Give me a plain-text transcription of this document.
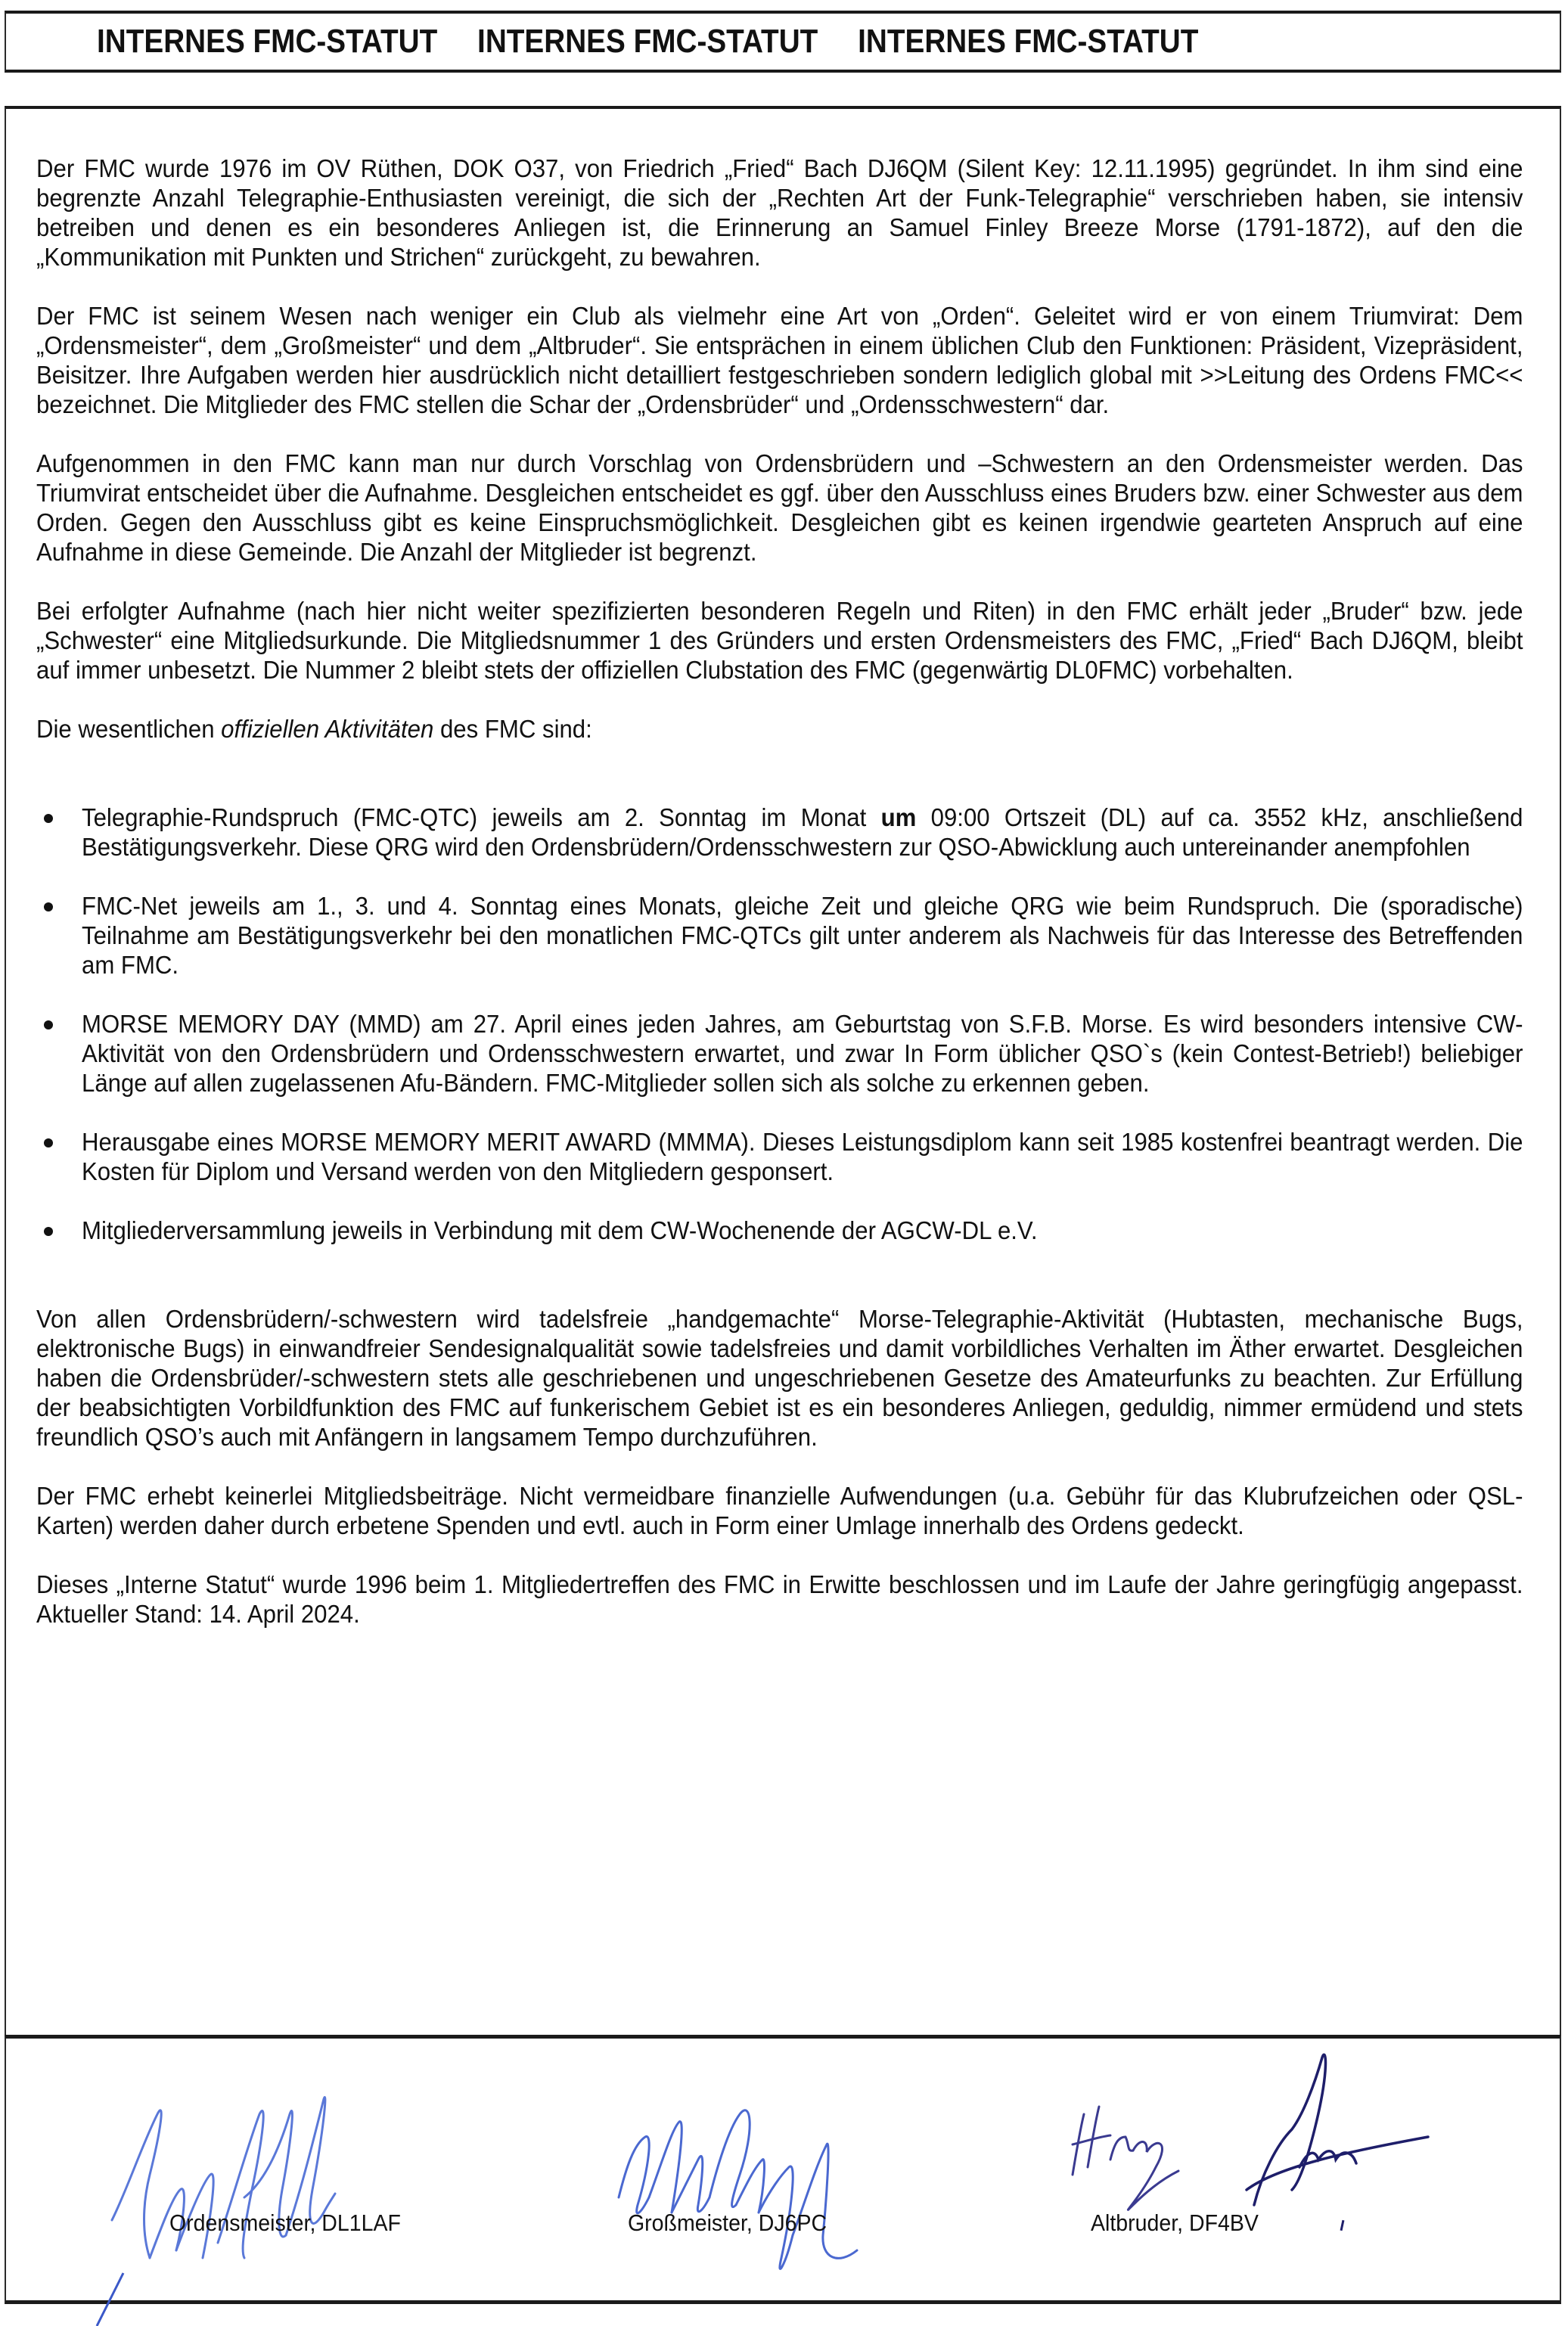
INTERNES FMC-STATUT INTERNES FMC-STATUT INTERNES FMC-STATUT

Der FMC wurde 1976 im OV Rüthen, DOK O37, von Friedrich „Fried“ Bach DJ6QM (Silent Key: 12.11.1995) gegründet. In ihm sind eine begrenzte Anzahl Telegraphie-Enthusiasten vereinigt, die sich der „Rechten Art der Funk-Telegraphie“ verschrieben haben, sie intensiv betreiben und denen es ein besonderes Anliegen ist, die Erinnerung an Samuel Finley Breeze Morse (1791-1872), auf den die „Kommunikation mit Punkten und Strichen“ zurückgeht, zu bewahren.

Der FMC ist seinem Wesen nach weniger ein Club als vielmehr eine Art von „Orden“. Geleitet wird er von einem Triumvirat: Dem „Ordensmeister“, dem „Großmeister“ und dem „Altbruder“. Sie entsprächen in einem üblichen Club den Funktionen: Präsident, Vizepräsident, Beisitzer. Ihre Aufgaben werden hier ausdrücklich nicht detailliert festgeschrieben sondern lediglich global mit >>Leitung des Ordens FMC<< bezeichnet. Die Mitglieder des FMC stellen die Schar der „Ordensbrüder“ und „Ordensschwestern“ dar.

Aufgenommen in den FMC kann man nur durch Vorschlag von Ordensbrüdern und –Schwestern an den Ordensmeister werden. Das Triumvirat entscheidet über die Aufnahme. Desgleichen entscheidet es ggf. über den Ausschluss eines Bruders bzw. einer Schwester aus dem Orden. Gegen den Ausschluss gibt es keine Einspruchsmöglichkeit. Desgleichen gibt es keinen irgendwie gearteten Anspruch auf eine Aufnahme in diese Gemeinde. Die Anzahl der Mitglieder ist begrenzt.

Bei erfolgter Aufnahme (nach hier nicht weiter spezifizierten besonderen Regeln und Riten) in den FMC erhält jeder „Bruder“ bzw. jede „Schwester“ eine Mitgliedsurkunde. Die Mitgliedsnummer 1 des Gründers und ersten Ordensmeisters des FMC, „Fried“ Bach DJ6QM, bleibt auf immer unbesetzt. Die Nummer 2 bleibt stets der offiziellen Clubstation des FMC (gegenwärtig DL0FMC) vorbehalten.

Die wesentlichen offiziellen Aktivitäten des FMC sind:

Telegraphie-Rundspruch (FMC-QTC) jeweils am 2. Sonntag im Monat um 09:00 Ortszeit (DL) auf ca. 3552 kHz, anschließend Bestätigungsverkehr. Diese QRG wird den Ordensbrüdern/Ordensschwestern zur QSO-Abwicklung auch untereinander anempfohlen
FMC-Net jeweils am 1., 3. und 4. Sonntag eines Monats, gleiche Zeit und gleiche QRG wie beim Rundspruch. Die (sporadische) Teilnahme am Bestätigungsverkehr bei den monatlichen FMC-QTCs gilt unter anderem als Nachweis für das Interesse des Betreffenden am FMC.
MORSE MEMORY DAY (MMD) am 27. April eines jeden Jahres, am Geburtstag von S.F.B. Morse. Es wird besonders intensive CW-Aktivität von den Ordensbrüdern und Ordensschwestern erwartet, und zwar In Form üblicher QSO`s (kein Contest-Betrieb!) beliebiger Länge auf allen zugelassenen Afu-Bändern. FMC-Mitglieder sollen sich als solche zu erkennen geben.
Herausgabe eines MORSE MEMORY MERIT AWARD (MMMA). Dieses Leistungsdiplom kann seit 1985 kostenfrei beantragt werden. Die Kosten für Diplom und Versand werden von den Mitgliedern gesponsert.
Mitgliederversammlung jeweils in Verbindung mit dem CW-Wochenende der AGCW-DL e.V.

Von allen Ordensbrüdern/-schwestern wird tadelsfreie „handgemachte“ Morse-Telegraphie-Aktivität (Hubtasten, mechanische Bugs, elektronische Bugs) in einwandfreier Sendesignalqualität sowie tadelsfreies und damit vorbildliches Verhalten im Äther erwartet. Desgleichen haben die Ordensbrüder/-schwestern stets alle geschriebenen und ungeschriebenen Gesetze des Amateurfunks zu beachten. Zur Erfüllung der beabsichtigten Vorbildfunktion des FMC auf funkerischem Gebiet ist es ein besonderes Anliegen, geduldig, nimmer ermüdend und stets freundlich QSO’s auch mit Anfängern in langsamem Tempo durchzuführen.

Der FMC erhebt keinerlei Mitgliedsbeiträge. Nicht vermeidbare finanzielle Aufwendungen (u.a. Gebühr für das Klubrufzeichen oder QSL-Karten) werden daher durch erbetene Spenden und evtl. auch in Form einer Umlage innerhalb des Ordens gedeckt.

Dieses „Interne Statut“ wurde 1996 beim 1. Mitgliedertreffen des FMC in Erwitte beschlossen und im Laufe der Jahre geringfügig angepasst. Aktueller Stand: 14. April 2024.

Ordensmeister, DL1LAF	Großmeister, DJ6PC	Altbruder, DF4BV
